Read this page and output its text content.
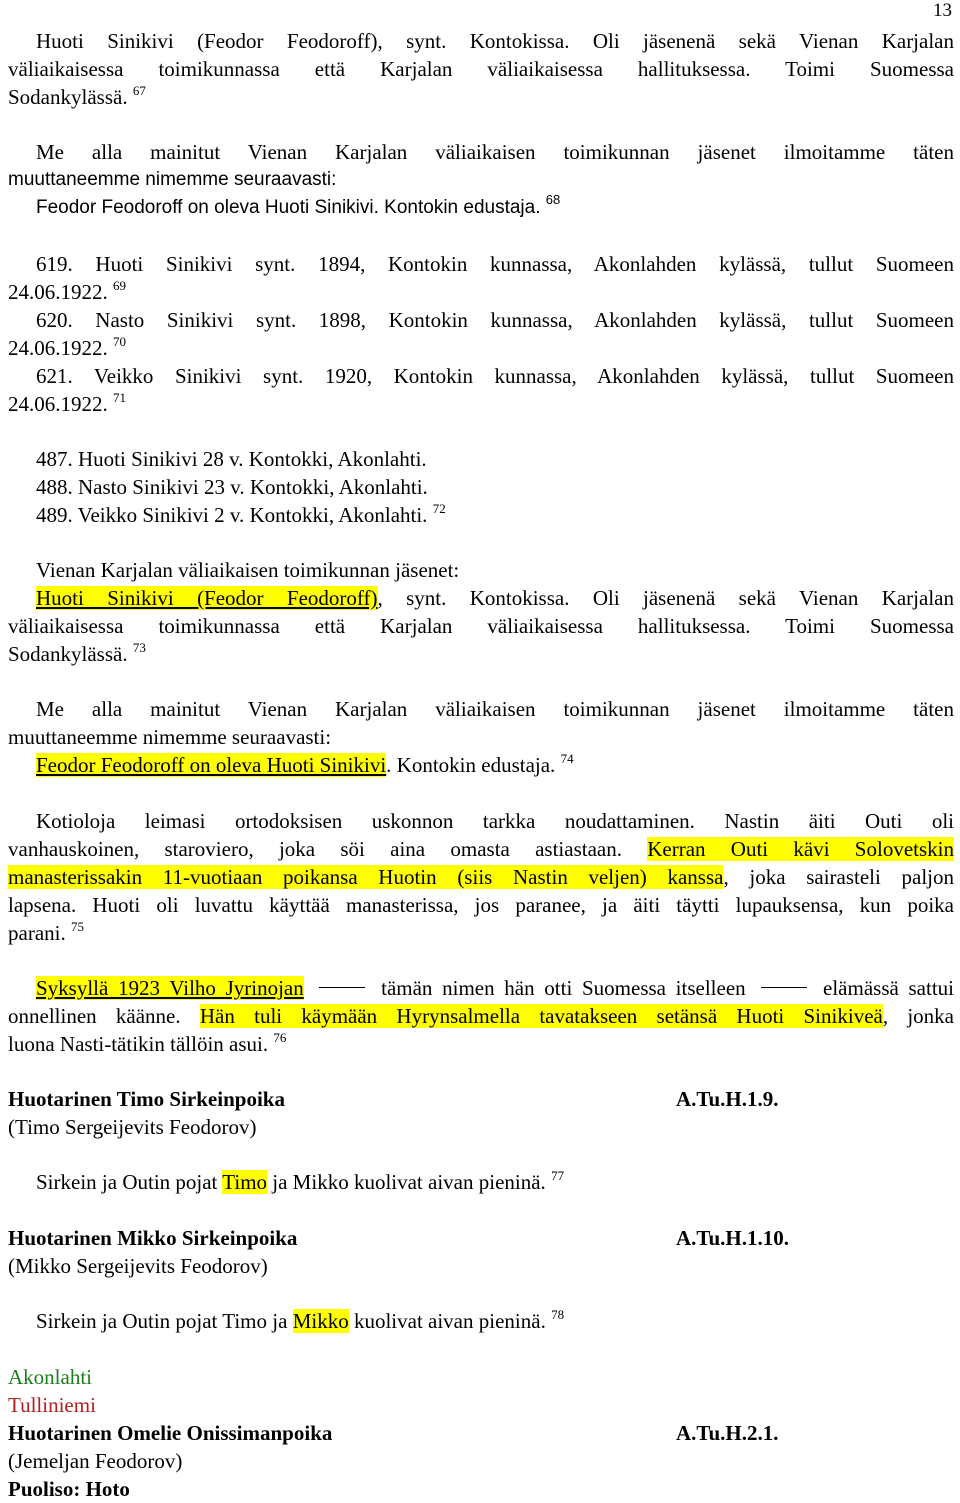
13
Huoti Sinikivi (Feodor Feodoroff), synt. Kontokissa. Oli jäsenenä sekä Vienan Karjalan
väliaikaisessa toimikunnassa että Karjalan väliaikaisessa hallituksessa. Toimi Suomessa
Sodankylässä. $^{67}$
Me alla mainitut Vienan Karjalan väliaikaisen toimikunnan jäsenet ilmoitamme täten
muuttaneemme nimemme seuraavasti:
Feodor Feodoroff on oleva Huoti Sinikivi. Kontokin edustaja. $^{68}$
619. Huoti Sinikivi synt. 1894, Kontokin kunnassa, Akonlahden kylässä, tullut Suomeen
24.06.1922. $^{69}$
620. Nasto Sinikivi synt. 1898, Kontokin kunnassa, Akonlahden kylässä, tullut Suomeen
24.06.1922. $^{70}$
621. Veikko Sinikivi synt. 1920, Kontokin kunnassa, Akonlahden kylässä, tullut Suomeen
24.06.1922. $^{71}$
487. Huoti Sinikivi 28 v. Kontokki, Akonlahti.
488. Nasto Sinikivi 23 v. Kontokki, Akonlahti.
489. Veikko Sinikivi 2 v. Kontokki, Akonlahti. $^{72}$
Vienan Karjalan väliaikaisen toimikunnan jäsenet:
Huoti Sinikivi (Feodor Feodoroff), synt. Kontokissa. Oli jäsenenä sekä Vienan Karjalan
väliaikaisessa toimikunnassa että Karjalan väliaikaisessa hallituksessa. Toimi Suomessa
Sodankylässä. $^{73}$
Me alla mainitut Vienan Karjalan väliaikaisen toimikunnan jäsenet ilmoitamme täten
muuttaneemme nimemme seuraavasti:
Feodor Feodoroff on oleva Huoti Sinikivi. Kontokin edustaja. $^{74}$
Kotioloja leimasi ortodoksisen uskonnon tarkka noudattaminen. Nastin äiti Outi oli
vanhauskoinen, staroviero, joka söi aina omasta astiastaan. Kerran Outi kävi Solovetskin
manasterissakin 11-vuotiaan poikansa Huotin (siis Nastin veljen) kanssa, joka sairasteli paljon
lapsena. Huoti oli luvattu käyttää manasterissa, jos paranee, ja äiti täytti lupauksensa, kun poika
parani. $^{75}$
Syksyllä 1923 Vilho Jyrinojan	tämän nimen hän otti Suomessa itselleen	elämässä sattui
onnellinen käänne. Hän tuli käymään Hyrynsalmella tavatakseen setänsä Huoti Sinikiveä, jonka
luona Nasti-tätikin tällöin asui. $^{76}$
Huotarinen Timo Sirkeinpoika	A.Tu.H.1.9.
(Timo Sergeijevits Feodorov)
Sirkein ja Outin pojat Timo ja Mikko kuolivat aivan pieninä. $^{77}$
Huotarinen Mikko Sirkeinpoika	A.Tu.H.1.10.
(Mikko Sergeijevits Feodorov)
Sirkein ja Outin pojat Timo ja Mikko kuolivat aivan pieninä. $^{78}$
Akonlahti
Tulliniemi
Huotarinen Omelie Onissimanpoika	A.Tu.H.2.1.
(Jemeljan Feodorov)
Puoliso: Hoto
